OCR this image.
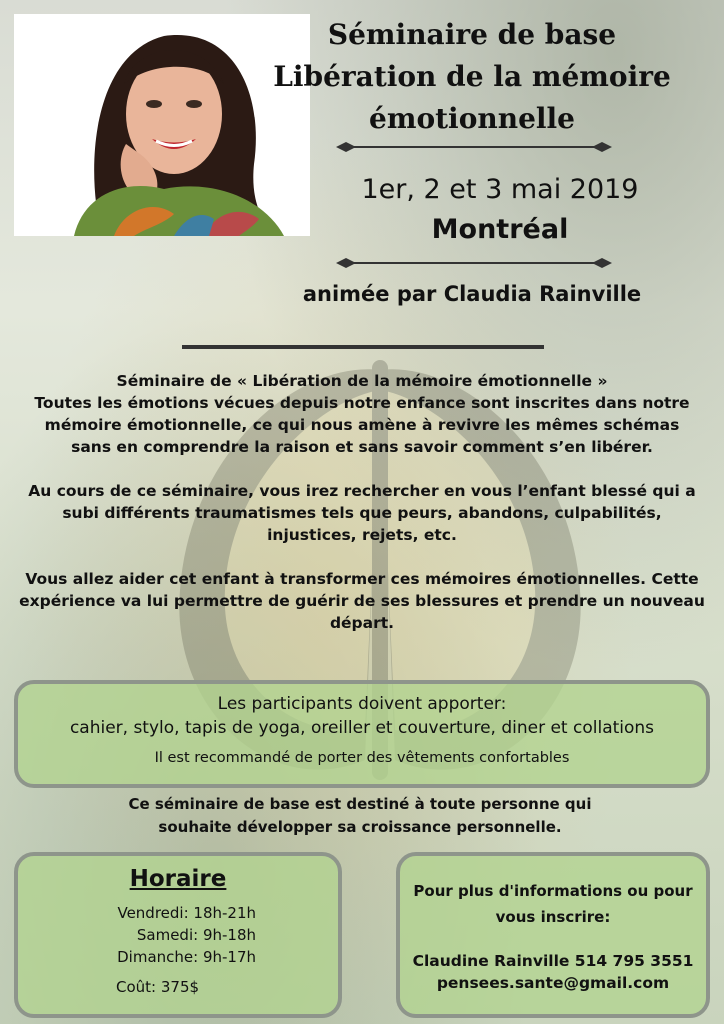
Séminaire de base
Libération de la mémoire
émotionnelle
1er, 2 et 3 mai 2019
Montréal
animée par Claudia Rainville

Séminaire de « Libération de la mémoire émotionnelle »
Toutes les émotions vécues depuis notre enfance sont inscrites dans notre
mémoire émotionnelle, ce qui nous amène à revivre les mêmes schémas
sans en comprendre la raison et sans savoir comment s’en libérer.

Au cours de ce séminaire, vous irez rechercher en vous l’enfant blessé qui a
subi différents traumatismes tels que peurs, abandons, culpabilités,
injustices, rejets, etc.

Vous allez aider cet enfant à transformer ces mémoires émotionnelles. Cette
expérience va lui permettre de guérir de ses blessures et prendre un nouveau
départ.

Les participants doivent apporter:
cahier, stylo, tapis de yoga, oreiller et couverture, diner et collations
Il est recommandé de porter des vêtements confortables
Ce séminaire de base est destiné à toute personne qui
souhaite développer sa croissance personnelle.
Horaire
Vendredi: 18h-21h
Samedi: 9h-18h
Dimanche: 9h-17h
Coût: 375$
Pour plus d'informations ou pour
vous inscrire:
Claudine Rainville 514 795 3551
pensees.sante@gmail.com
